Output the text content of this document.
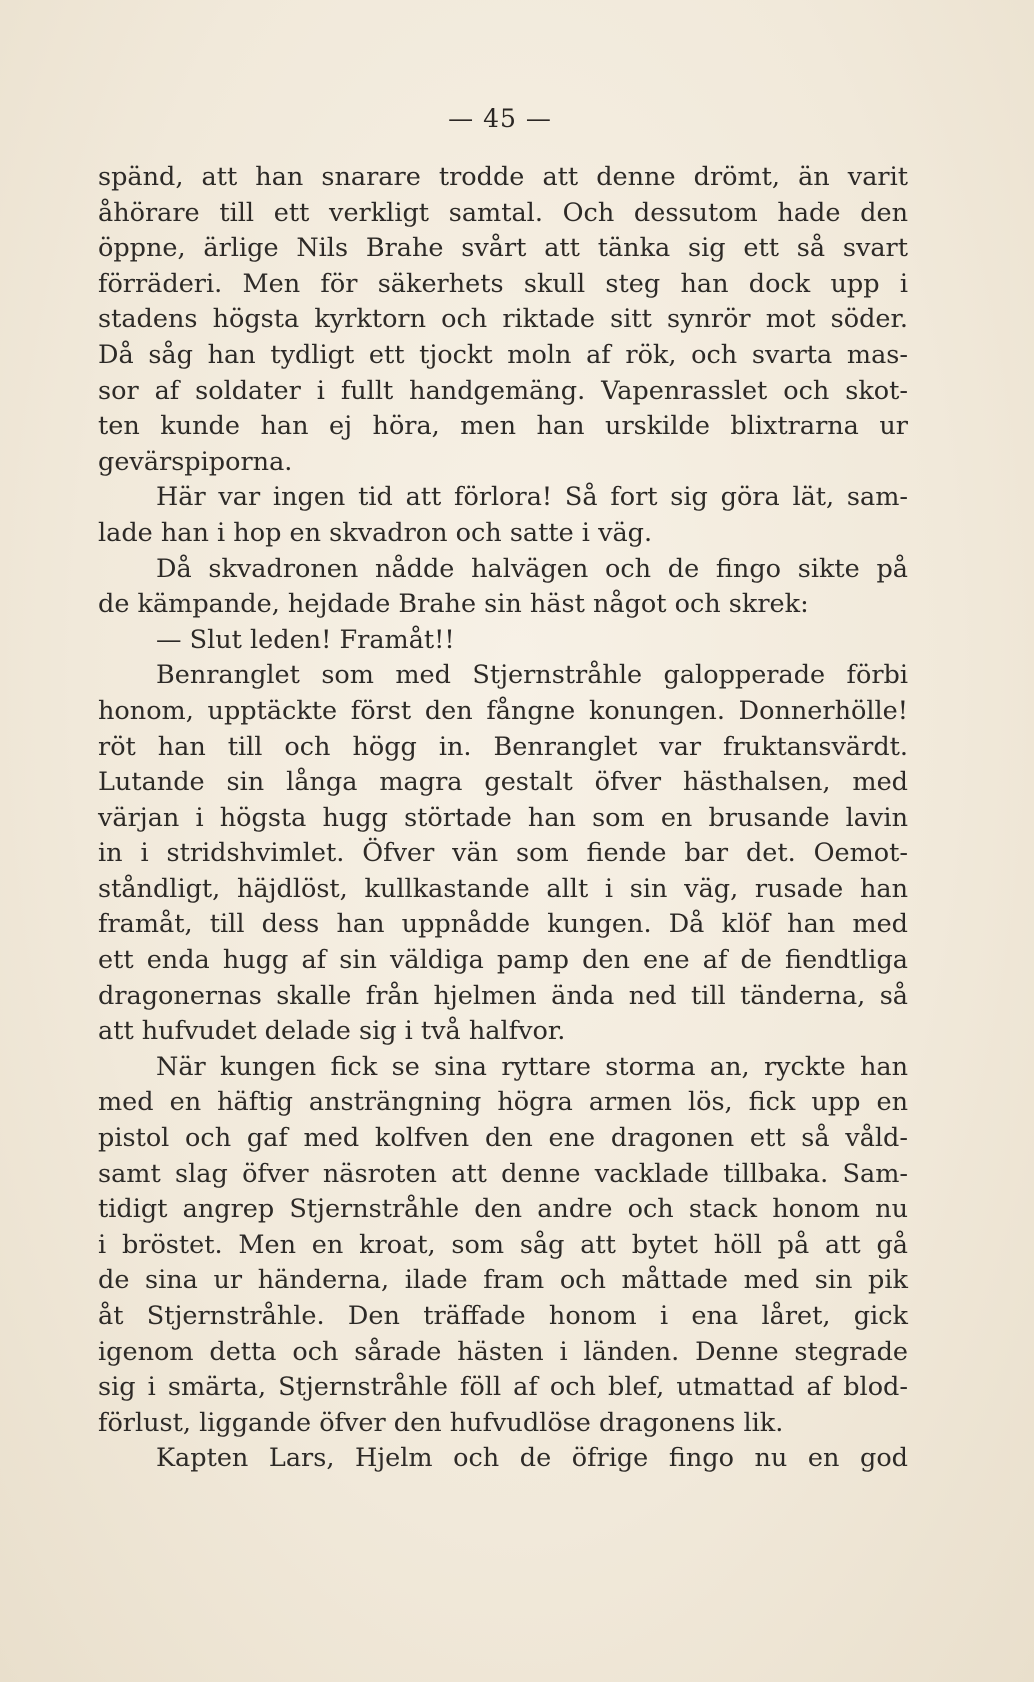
— 45 —
spänd, att han snarare trodde att denne drömt, än varit
åhörare till ett verkligt samtal. Och dessutom hade den
öppne, ärlige Nils Brahe svårt att tänka sig ett så svart
förräderi. Men för säkerhets skull steg han dock upp i
stadens högsta kyrktorn och riktade sitt synrör mot söder.
Då såg han tydligt ett tjockt moln af rök, och svarta mas-
sor af soldater i fullt handgemäng. Vapenrasslet och skot-
ten kunde han ej höra, men han urskilde blixtrarna ur
gevärspiporna.
Här var ingen tid att förlora! Så fort sig göra lät, sam-
lade han i hop en skvadron och satte i väg.
Då skvadronen nådde halvägen och de fingo sikte på
de kämpande, hejdade Brahe sin häst något och skrek:
— Slut leden! Framåt!!
Benranglet som med Stjernstråhle galopperade förbi
honom, upptäckte först den fångne konungen. Donnerhölle!
röt han till och högg in. Benranglet var fruktansvärdt.
Lutande sin långa magra gestalt öfver hästhalsen, med
värjan i högsta hugg störtade han som en brusande lavin
in i stridshvimlet. Öfver vän som fiende bar det. Oemot-
ståndligt, häjdlöst, kullkastande allt i sin väg, rusade han
framåt, till dess han uppnådde kungen. Då klöf han med
ett enda hugg af sin väldiga pamp den ene af de fiendtliga
dragonernas skalle från hjelmen ända ned till tänderna, så
att hufvudet delade sig i två halfvor.
När kungen fick se sina ryttare storma an, ryckte han
med en häftig ansträngning högra armen lös, fick upp en
pistol och gaf med kolfven den ene dragonen ett så våld-
samt slag öfver näsroten att denne vacklade tillbaka. Sam-
tidigt angrep Stjernstråhle den andre och stack honom nu
i bröstet. Men en kroat, som såg att bytet höll på att gå
de sina ur händerna, ilade fram och måttade med sin pik
åt Stjernstråhle. Den träffade honom i ena låret, gick
igenom detta och sårade hästen i länden. Denne stegrade
sig i smärta, Stjernstråhle föll af och blef, utmattad af blod-
förlust, liggande öfver den hufvudlöse dragonens lik.
Kapten Lars, Hjelm och de öfrige fingo nu en god
